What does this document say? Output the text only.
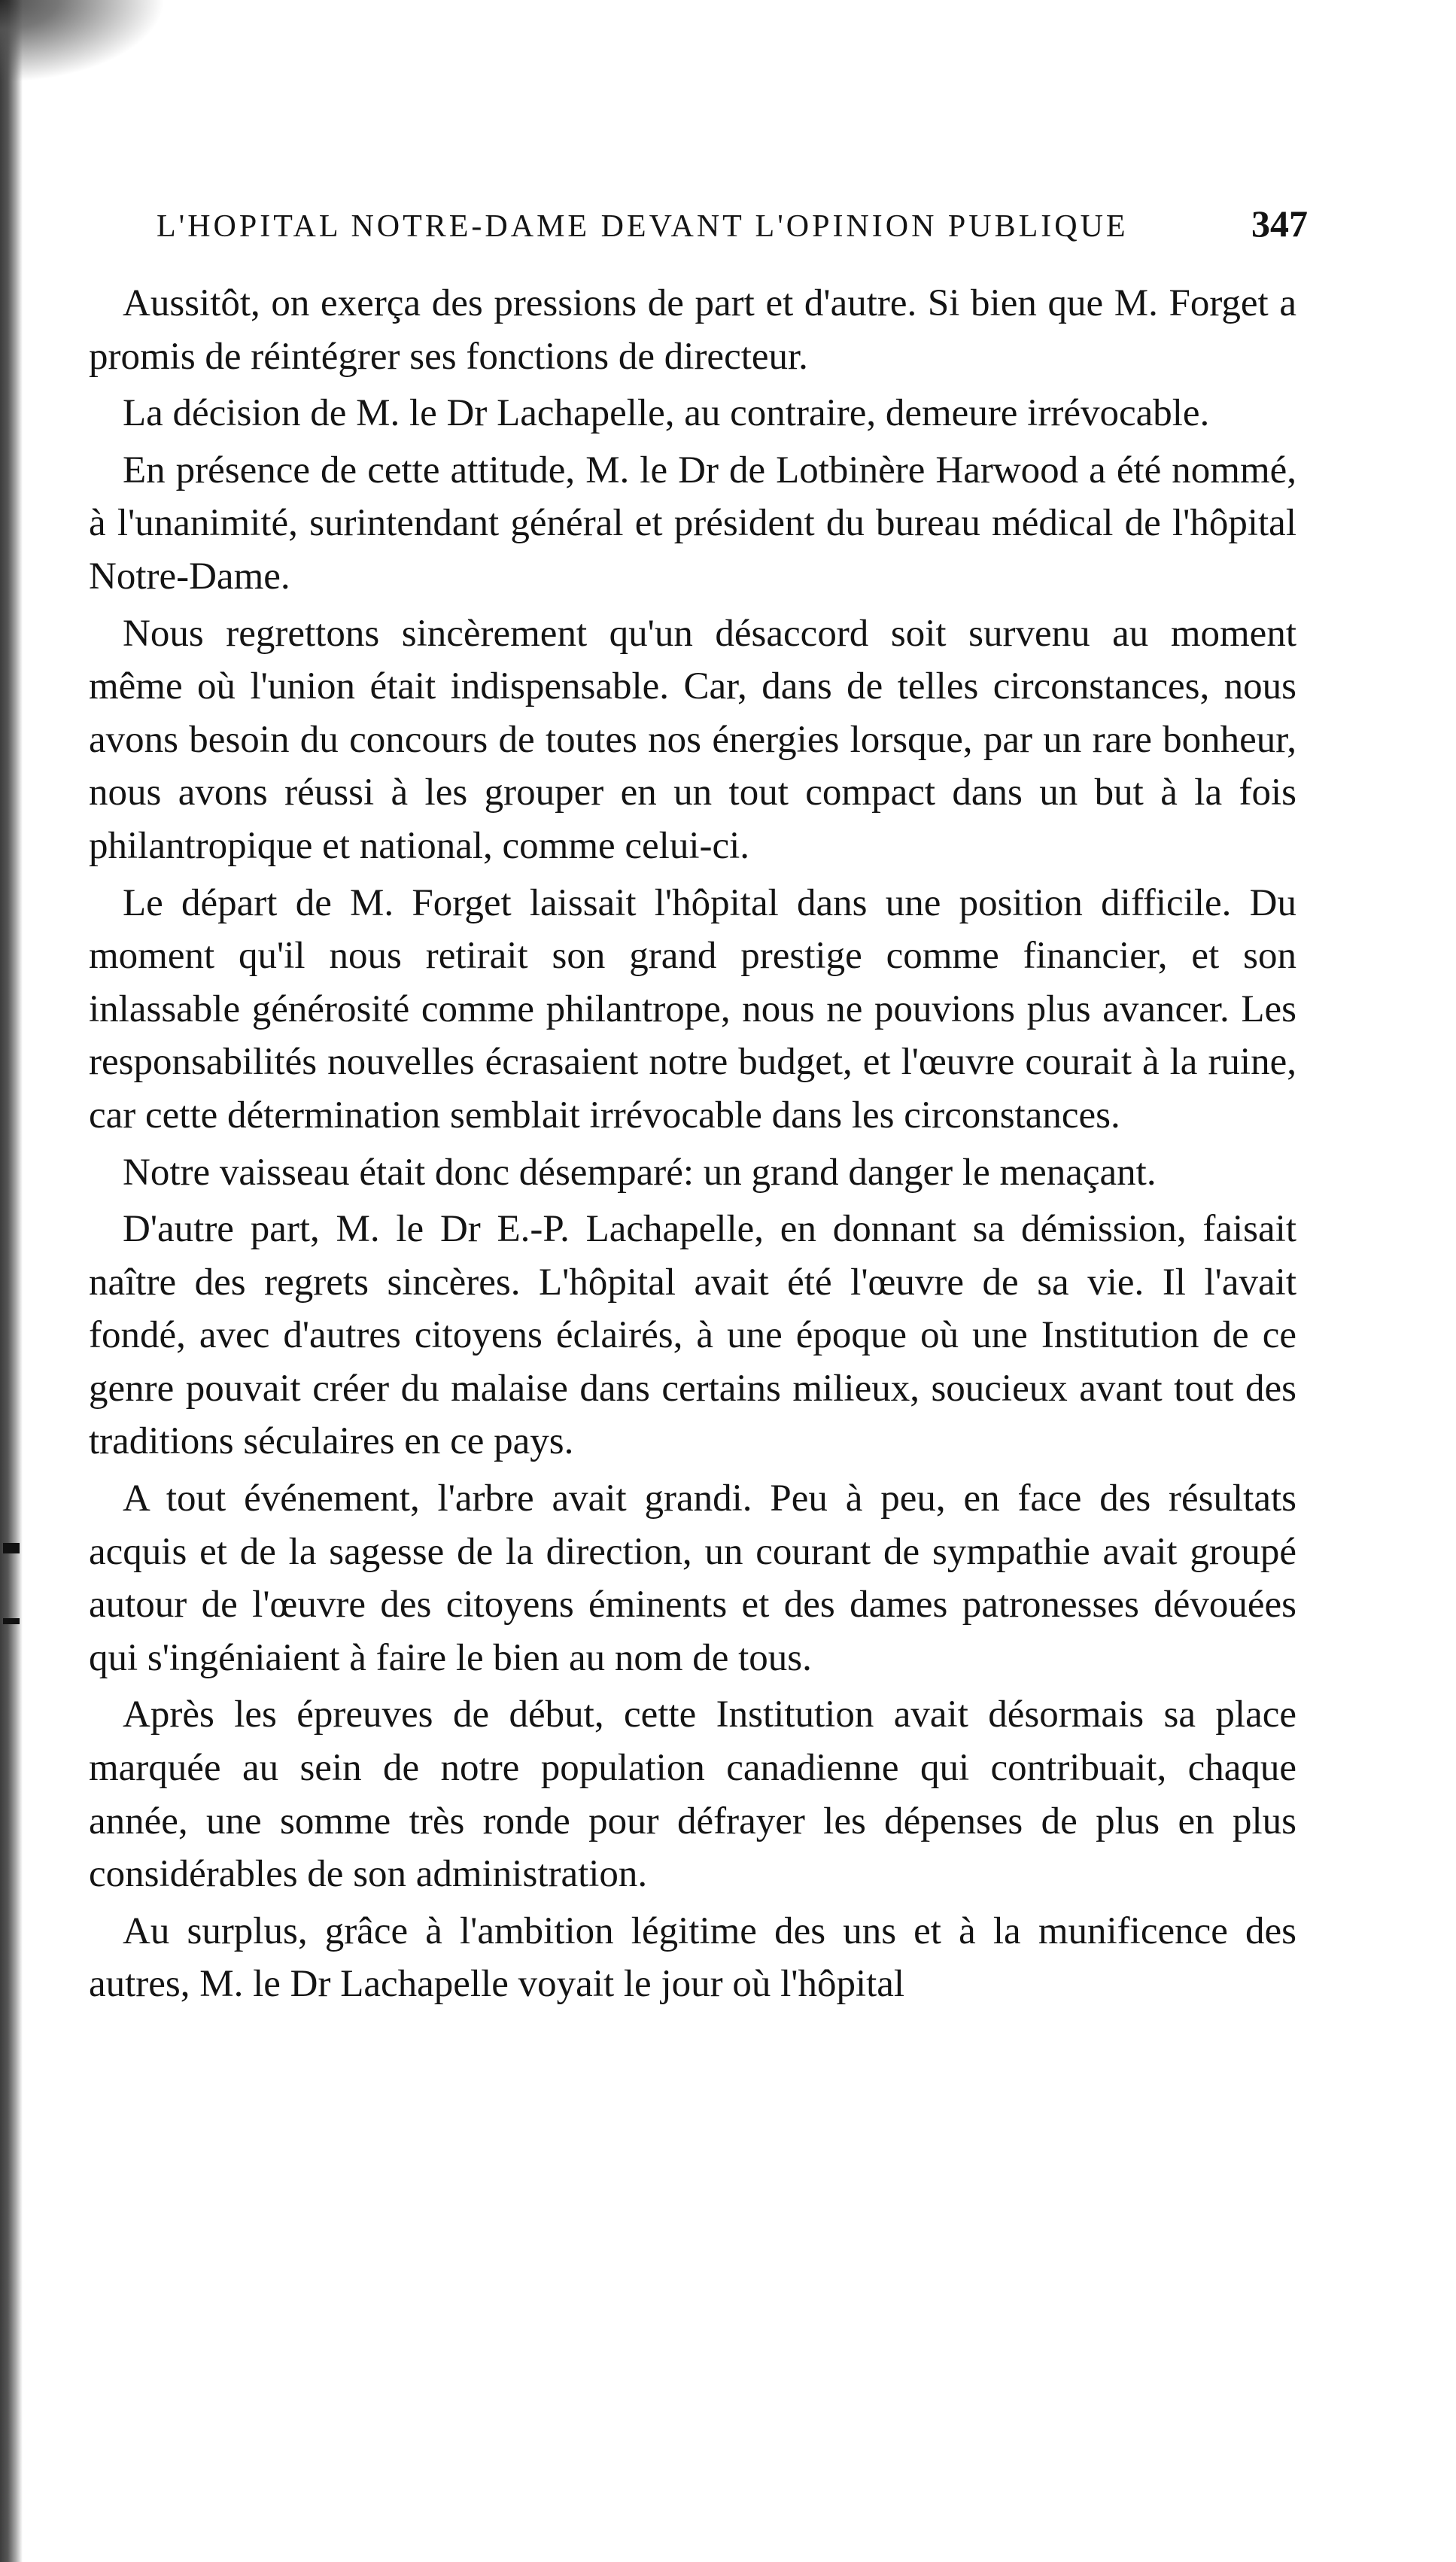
L'HOPITAL NOTRE-DAME DEVANT L'OPINION PUBLIQUE	347

Aussitôt, on exerça des pressions de part et d'autre. Si bien que M. Forget a promis de réintégrer ses fonctions de directeur.

La décision de M. le Dr Lachapelle, au contraire, demeure irrévocable.

En présence de cette attitude, M. le Dr de Lotbinère Harwood a été nommé, à l'unanimité, surintendant général et président du bureau médical de l'hôpital Notre-Dame.

Nous regrettons sincèrement qu'un désaccord soit survenu au moment même où l'union était indispensable. Car, dans de telles circonstances, nous avons besoin du concours de toutes nos énergies lorsque, par un rare bonheur, nous avons réussi à les grouper en un tout compact dans un but à la fois philantropique et national, comme celui-ci.

Le départ de M. Forget laissait l'hôpital dans une position difficile. Du moment qu'il nous retirait son grand prestige comme financier, et son inlassable générosité comme philantrope, nous ne pouvions plus avancer. Les responsabilités nouvelles écrasaient notre budget, et l'œuvre courait à la ruine, car cette détermination semblait irrévocable dans les circonstances.

Notre vaisseau était donc désemparé: un grand danger le menaçant.

D'autre part, M. le Dr E.-P. Lachapelle, en donnant sa démission, faisait naître des regrets sincères. L'hôpital avait été l'œuvre de sa vie. Il l'avait fondé, avec d'autres citoyens éclairés, à une époque où une Institution de ce genre pouvait créer du malaise dans certains milieux, soucieux avant tout des traditions séculaires en ce pays.

A tout événement, l'arbre avait grandi. Peu à peu, en face des résultats acquis et de la sagesse de la direction, un courant de sympathie avait groupé autour de l'œuvre des citoyens éminents et des dames patronesses dévouées qui s'ingéniaient à faire le bien au nom de tous.

Après les épreuves de début, cette Institution avait désormais sa place marquée au sein de notre population canadienne qui contribuait, chaque année, une somme très ronde pour défrayer les dépenses de plus en plus considérables de son administration.

Au surplus, grâce à l'ambition légitime des uns et à la munificence des autres, M. le Dr Lachapelle voyait le jour où l'hôpital
